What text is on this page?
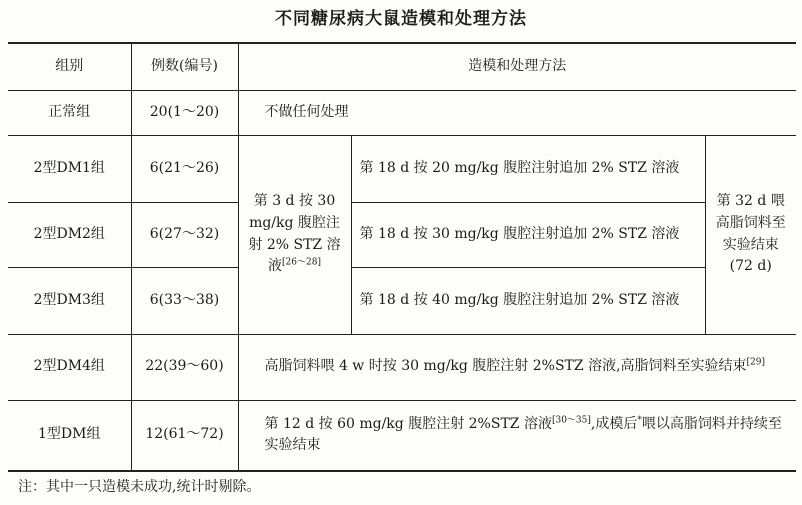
不同糖尿病大鼠造模和处理方法
组别	例数(编号)	造模和处理方法		
正常组	20(1～20)	不做任何处理		
2型DM1组	6(21～26)	第 3 d 按 30 mg/kg 腹腔注射 2% STZ 溶液[26～28]	第 18 d 按 20 mg/kg 腹腔注射追加 2% STZ 溶液	第 32 d 喂高脂饲料至实验结束(72 d)
2型DM2组	6(27～32)		第 18 d 按 30 mg/kg 腹腔注射追加 2% STZ 溶液	
2型DM3组	6(33～38)		第 18 d 按 40 mg/kg 腹腔注射追加 2% STZ 溶液	
2型DM4组	22(39～60)	高脂饲料喂 4 w 时按 30 mg/kg 腹腔注射 2%STZ 溶液,高脂饲料至实验结束[29]
1型DM组	12(61～72)	第 12 d 按 60 mg/kg 腹腔注射 2%STZ 溶液[30～35],成模后*喂以高脂饲料并持续至实验结束		
注：其中一只造模未成功,统计时剔除。
